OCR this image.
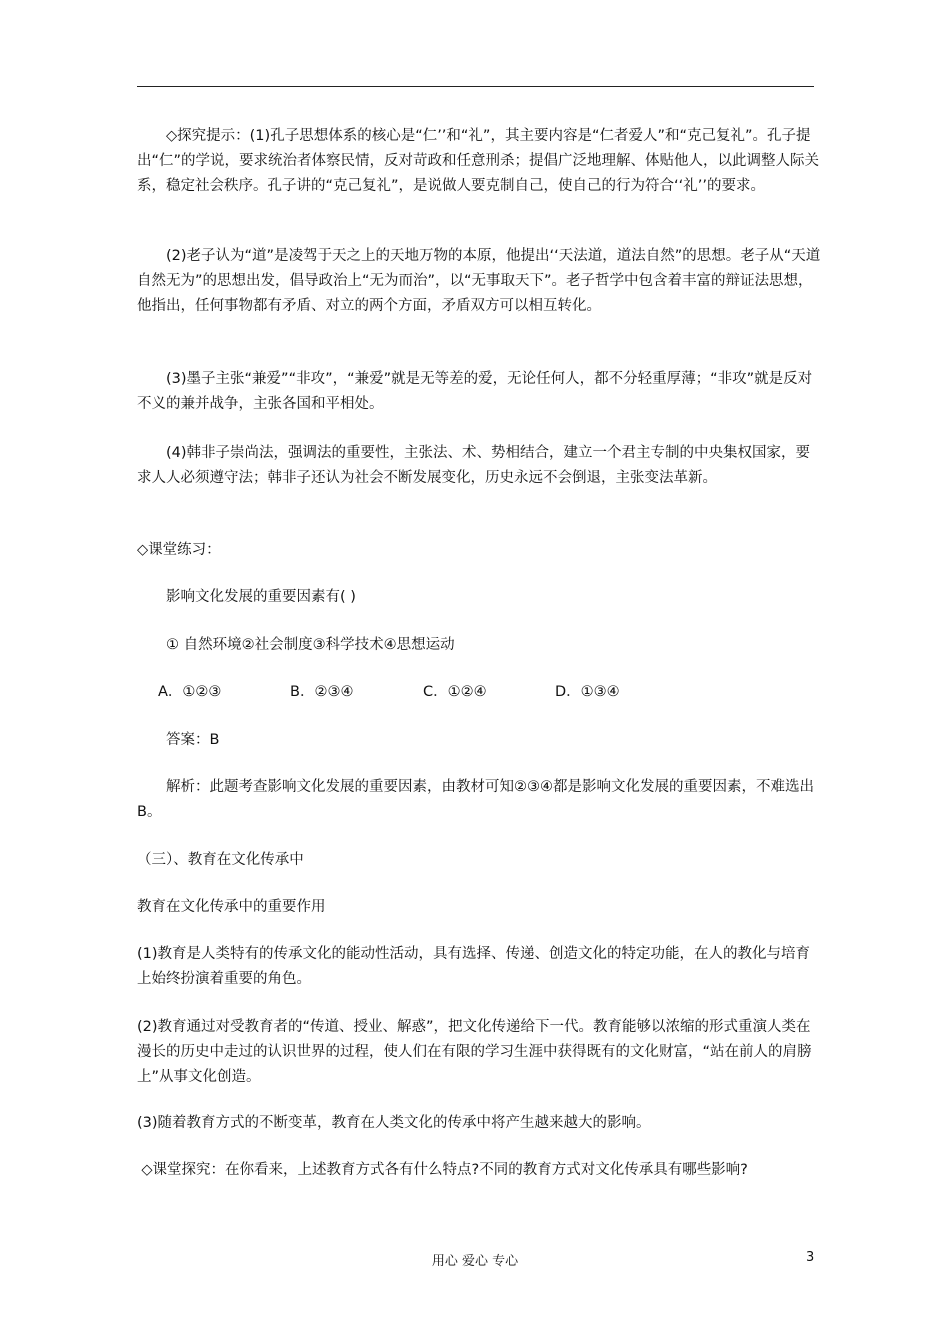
◇探究提示：(1)孔子思想体系的核心是“仁’’和“礼”，其主要内容是“仁者爱人”和“克己复礼”。孔子提出“仁”的学说，要求统治者体察民情，反对苛政和任意刑杀；提倡广泛地理解、体贴他人，以此调整人际关系，稳定社会秩序。孔子讲的“克己复礼”，是说做人要克制自己，使自己的行为符合‘‘礼’’的要求。

(2)老子认为“道”是凌驾于天之上的天地万物的本原，他提出‘‘天法道，道法自然”的思想。老子从“天道自然无为”的思想出发，倡导政治上“无为而治”，以“无事取天下”。老子哲学中包含着丰富的辩证法思想，他指出，任何事物都有矛盾、对立的两个方面，矛盾双方可以相互转化。

(3)墨子主张“兼爱”“非攻”，“兼爱”就是无等差的爱，无论任何人，都不分轻重厚薄；“非攻”就是反对不义的兼并战争，主张各国和平相处。

(4)韩非子崇尚法，强调法的重要性，主张法、术、势相结合，建立一个君主专制的中央集权国家，要求人人必须遵守法；韩非子还认为社会不断发展变化，历史永远不会倒退，主张变法革新。

◇课堂练习：

影响文化发展的重要因素有( )

① 自然环境②社会制度③科学技术④思想运动

A．①②③	B．②③④	C．①②④	D．①③④

答案：B

解析：此题考查影响文化发展的重要因素，由教材可知②③④都是影响文化发展的重要因素，不难选出B。

（三）、教育在文化传承中

教育在文化传承中的重要作用

(1)教育是人类特有的传承文化的能动性活动，具有选择、传递、创造文化的特定功能，在人的教化与培育上始终扮演着重要的角色。

(2)教育通过对受教育者的“传道、授业、解惑”，把文化传递给下一代。教育能够以浓缩的形式重演人类在漫长的历史中走过的认识世界的过程，使人们在有限的学习生涯中获得既有的文化财富，“站在前人的肩膀上”从事文化创造。

(3)随着教育方式的不断变革，教育在人类文化的传承中将产生越来越大的影响。

◇课堂探究：在你看来，上述教育方式各有什么特点?不同的教育方式对文化传承具有哪些影响?

用心 爱心 专心	3
